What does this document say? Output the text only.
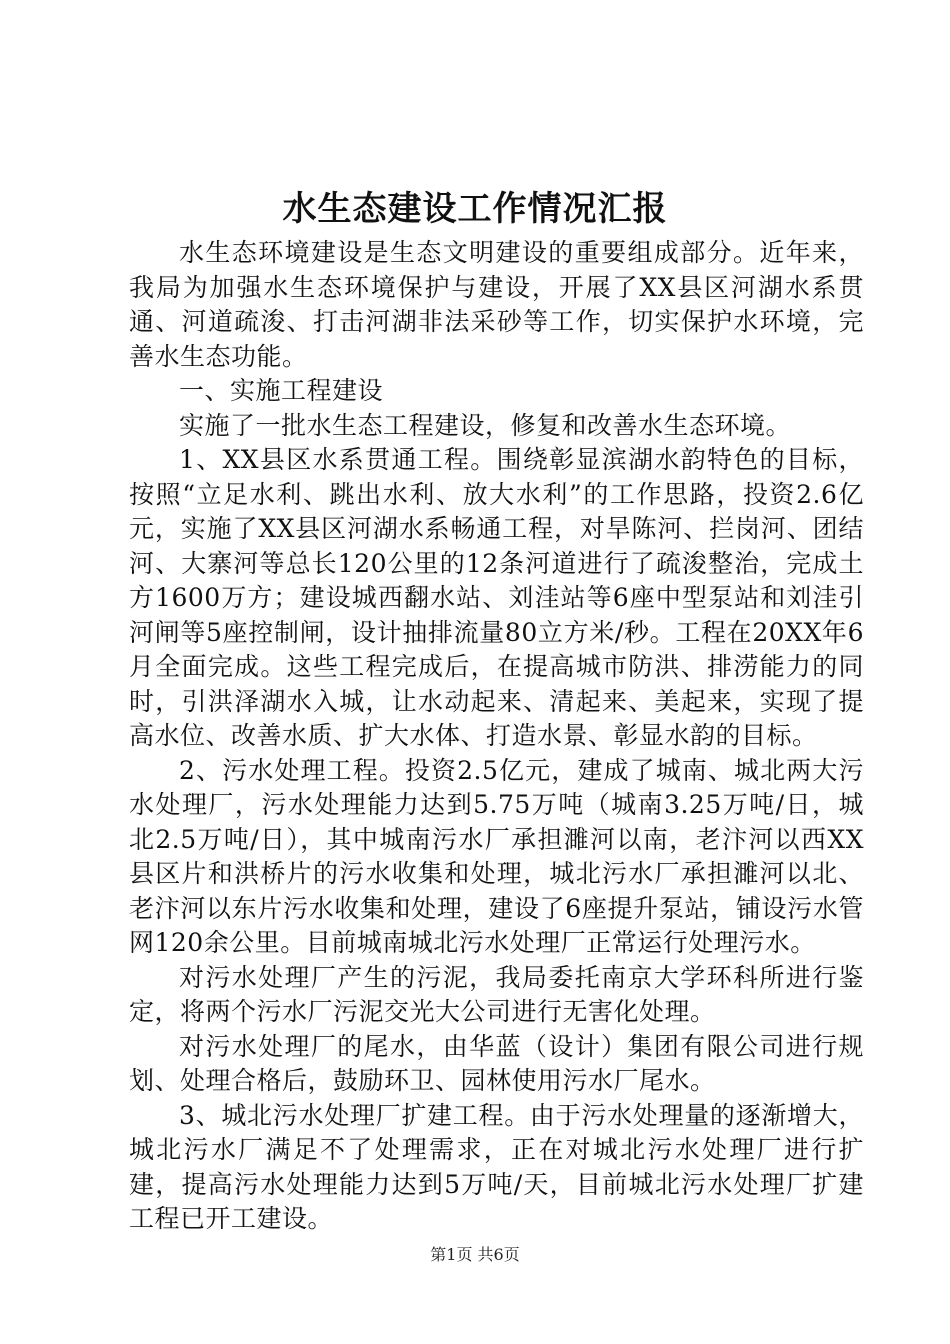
水生态建设工作情况汇报

水生态环境建设是生态文明建设的重要组成部分。近年来，我局为加强水生态环境保护与建设，开展了XX县区河湖水系贯通、河道疏浚、打击河湖非法采砂等工作，切实保护水环境，完善水生态功能。

一、实施工程建设

实施了一批水生态工程建设，修复和改善水生态环境。

1、XX县区水系贯通工程。围绕彰显滨湖水韵特色的目标，按照“立足水利、跳出水利、放大水利”的工作思路，投资2.6亿元，实施了XX县区河湖水系畅通工程，对旱陈河、拦岗河、团结河、大寨河等总长120公里的12条河道进行了疏浚整治，完成土方1600万方；建设城西翻水站、刘洼站等6座中型泵站和刘洼引河闸等5座控制闸，设计抽排流量80立方米/秒。工程在20XX年6月全面完成。这些工程完成后，在提高城市防洪、排涝能力的同时，引洪泽湖水入城，让水动起来、清起来、美起来，实现了提高水位、改善水质、扩大水体、打造水景、彰显水韵的目标。

2、污水处理工程。投资2.5亿元，建成了城南、城北两大污水处理厂，污水处理能力达到5.75万吨（城南3.25万吨/日，城北2.5万吨/日），其中城南污水厂承担濉河以南，老汴河以西XX县区片和洪桥片的污水收集和处理，城北污水厂承担濉河以北、老汴河以东片污水收集和处理，建设了6座提升泵站，铺设污水管网120余公里。目前城南城北污水处理厂正常运行处理污水。

对污水处理厂产生的污泥，我局委托南京大学环科所进行鉴定，将两个污水厂污泥交光大公司进行无害化处理。

对污水处理厂的尾水，由华蓝（设计）集团有限公司进行规划、处理合格后，鼓励环卫、园林使用污水厂尾水。

3、城北污水处理厂扩建工程。由于污水处理量的逐渐增大，城北污水厂满足不了处理需求，正在对城北污水处理厂进行扩建，提高污水处理能力达到5万吨/天，目前城北污水处理厂扩建工程已开工建设。

第1页 共6页
